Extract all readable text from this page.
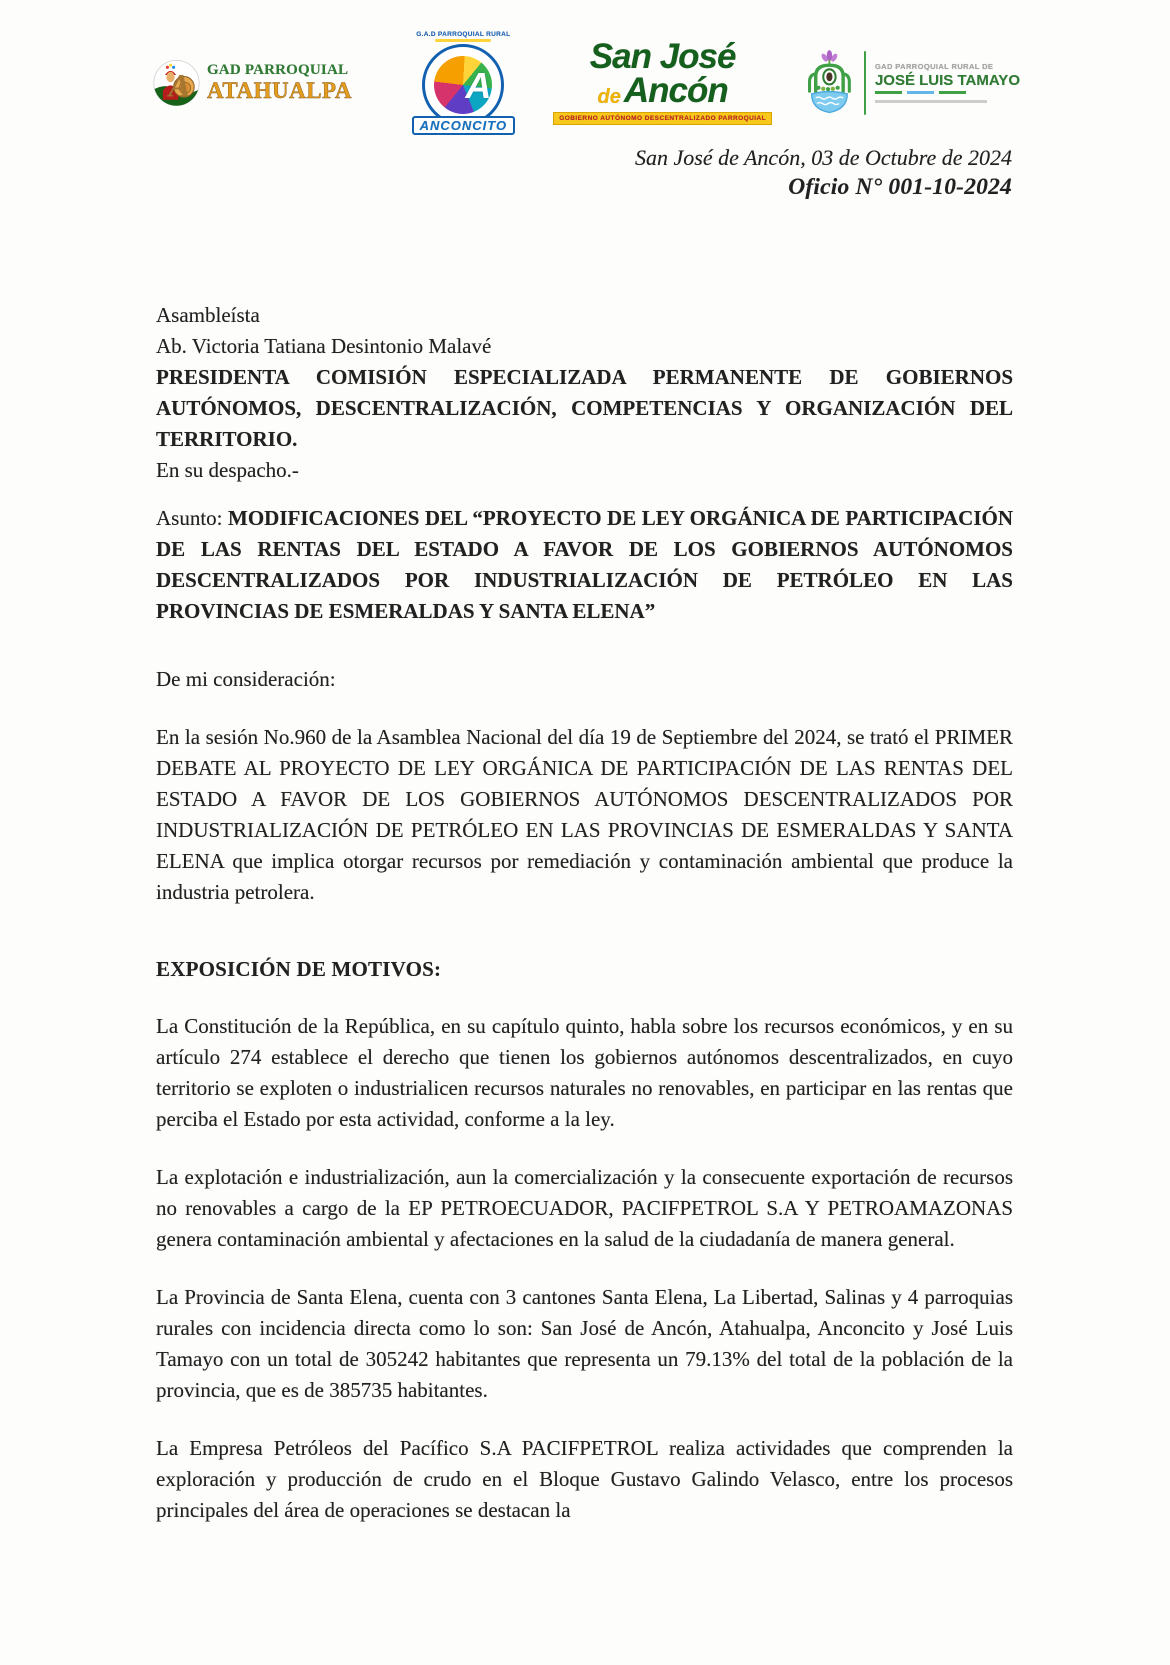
A GAD PARROQUIAL
ATAHUALPA
G.A.D PARROQUIAL RURAL
A
ANCONCITO
San José
de Ancón
GOBIERNO AUTÓNOMO DESCENTRALIZADO PARROQUIAL
GAD PARROQUIAL RURAL DE
JOSÉ LUIS TAMAYO
San José de Ancón, 03 de Octubre de 2024
Oficio N° 001-10-2024
Asambleísta
Ab. Victoria Tatiana Desintonio Malavé
PRESIDENTA COMISIÓN ESPECIALIZADA PERMANENTE DE GOBIERNOS AUTÓNOMOS, DESCENTRALIZACIÓN, COMPETENCIAS Y ORGANIZACIÓN DEL TERRITORIO.
En su despacho.-

Asunto: MODIFICACIONES DEL “PROYECTO DE LEY ORGÁNICA DE PARTICIPACIÓN DE LAS RENTAS DEL ESTADO A FAVOR DE LOS GOBIERNOS AUTÓNOMOS DESCENTRALIZADOS POR INDUSTRIALIZACIÓN DE PETRÓLEO EN LAS PROVINCIAS DE ESMERALDAS Y SANTA ELENA”

De mi consideración:

En la sesión No.960 de la Asamblea Nacional del día 19 de Septiembre del 2024, se trató el PRIMER DEBATE AL PROYECTO DE LEY ORGÁNICA DE PARTICIPACIÓN DE LAS RENTAS DEL ESTADO A FAVOR DE LOS GOBIERNOS AUTÓNOMOS DESCENTRALIZADOS POR INDUSTRIALIZACIÓN DE PETRÓLEO EN LAS PROVINCIAS DE ESMERALDAS Y SANTA ELENA que implica otorgar recursos por remediación y contaminación ambiental que produce la industria petrolera.

EXPOSICIÓN DE MOTIVOS:

La Constitución de la República, en su capítulo quinto, habla sobre los recursos económicos, y en su artículo 274 establece el derecho que tienen los gobiernos autónomos descentralizados, en cuyo territorio se exploten o industrialicen recursos naturales no renovables, en participar en las rentas que perciba el Estado por esta actividad, conforme a la ley.

La explotación e industrialización, aun la comercialización y la consecuente exportación de recursos no renovables a cargo de la EP PETROECUADOR, PACIFPETROL S.A Y PETROAMAZONAS genera contaminación ambiental y afectaciones en la salud de la ciudadanía de manera general.

La Provincia de Santa Elena, cuenta con 3 cantones Santa Elena, La Libertad, Salinas y 4 parroquias rurales con incidencia directa como lo son: San José de Ancón, Atahualpa, Anconcito y José Luis Tamayo con un total de 305242 habitantes que representa un 79.13% del total de la población de la provincia, que es de 385735 habitantes.

La Empresa Petróleos del Pacífico S.A PACIFPETROL realiza actividades que comprenden la exploración y producción de crudo en el Bloque Gustavo Galindo Velasco, entre los procesos principales del área de operaciones se destacan la
